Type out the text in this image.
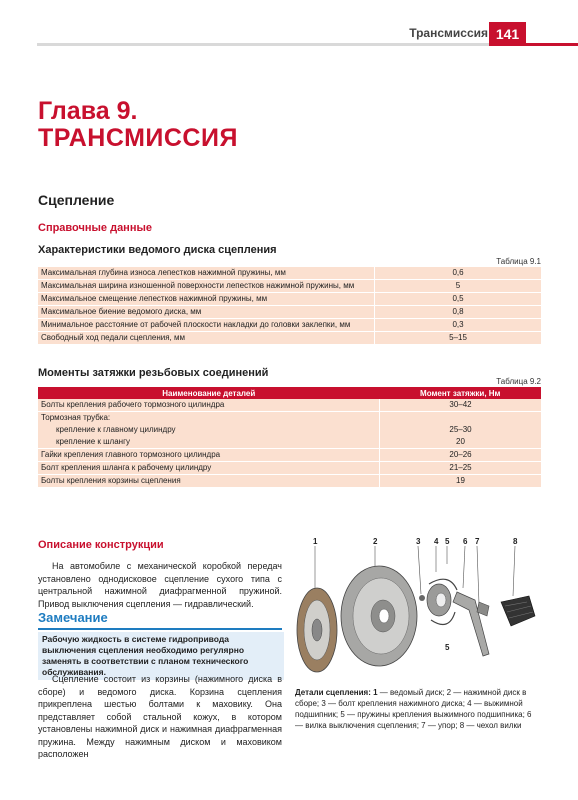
Трансмиссия 141
Глава 9.
ТРАНСМИССИЯ
Сцепление
Справочные данные
Характеристики ведомого диска сцепления
Таблица 9.1
Максимальная глубина износа лепестков нажимной пружины, мм	0,6
Максимальная ширина изношенной поверхности лепестков нажимной пружины, мм	5
Максимальное смещение лепестков нажимной пружины, мм	0,5
Максимальное биение ведомого диска, мм	0,8
Минимальное расстояние от рабочей плоскости накладки до головки заклепки, мм	0,3
Свободный ход педали сцепления, мм	5–15
Моменты затяжки резьбовых соединений
Таблица 9.2
Наименование деталей	Момент затяжки, Нм
Болты крепления рабочего тормозного цилиндра	30–42
Тормозная трубка:	
крепление к главному цилиндру	25–30
крепление к шлангу	20
Гайки крепления главного тормозного цилиндра	20–26
Болт крепления шланга к рабочему цилиндру	21–25
Болты крепления корзины сцепления	19
Описание конструкции
На автомобиле с механической коробкой передач установлено однодисковое сцепление сухого типа с центральной нажимной диафрагменной пружиной. Привод выключения сцепления — гидравлический.
Замечание
Рабочую жидкость в системе гидропривода выключения сцепления необходимо регулярно заменять в соответствии с планом технического обслуживания.
Сцепление состоит из корзины (нажимного диска в сборе) и ведомого диска. Корзина сцепления прикреплена шестью болтами к маховику. Она представляет собой стальной кожух, в котором установлены нажимной диск и нажимная диафрагменная пружина. Между нажимным диском и маховиком расположен
1	2	3 4 5 6 7	8
5
Детали сцепления: 1 — ведомый диск; 2 — нажимной диск в сборе; 3 — болт крепления нажимного диска; 4 — выжимной подшипник; 5 — пружины крепления выжимного подшипника; 6 — вилка выключения сцепления; 7 — упор; 8 — чехол вилки
